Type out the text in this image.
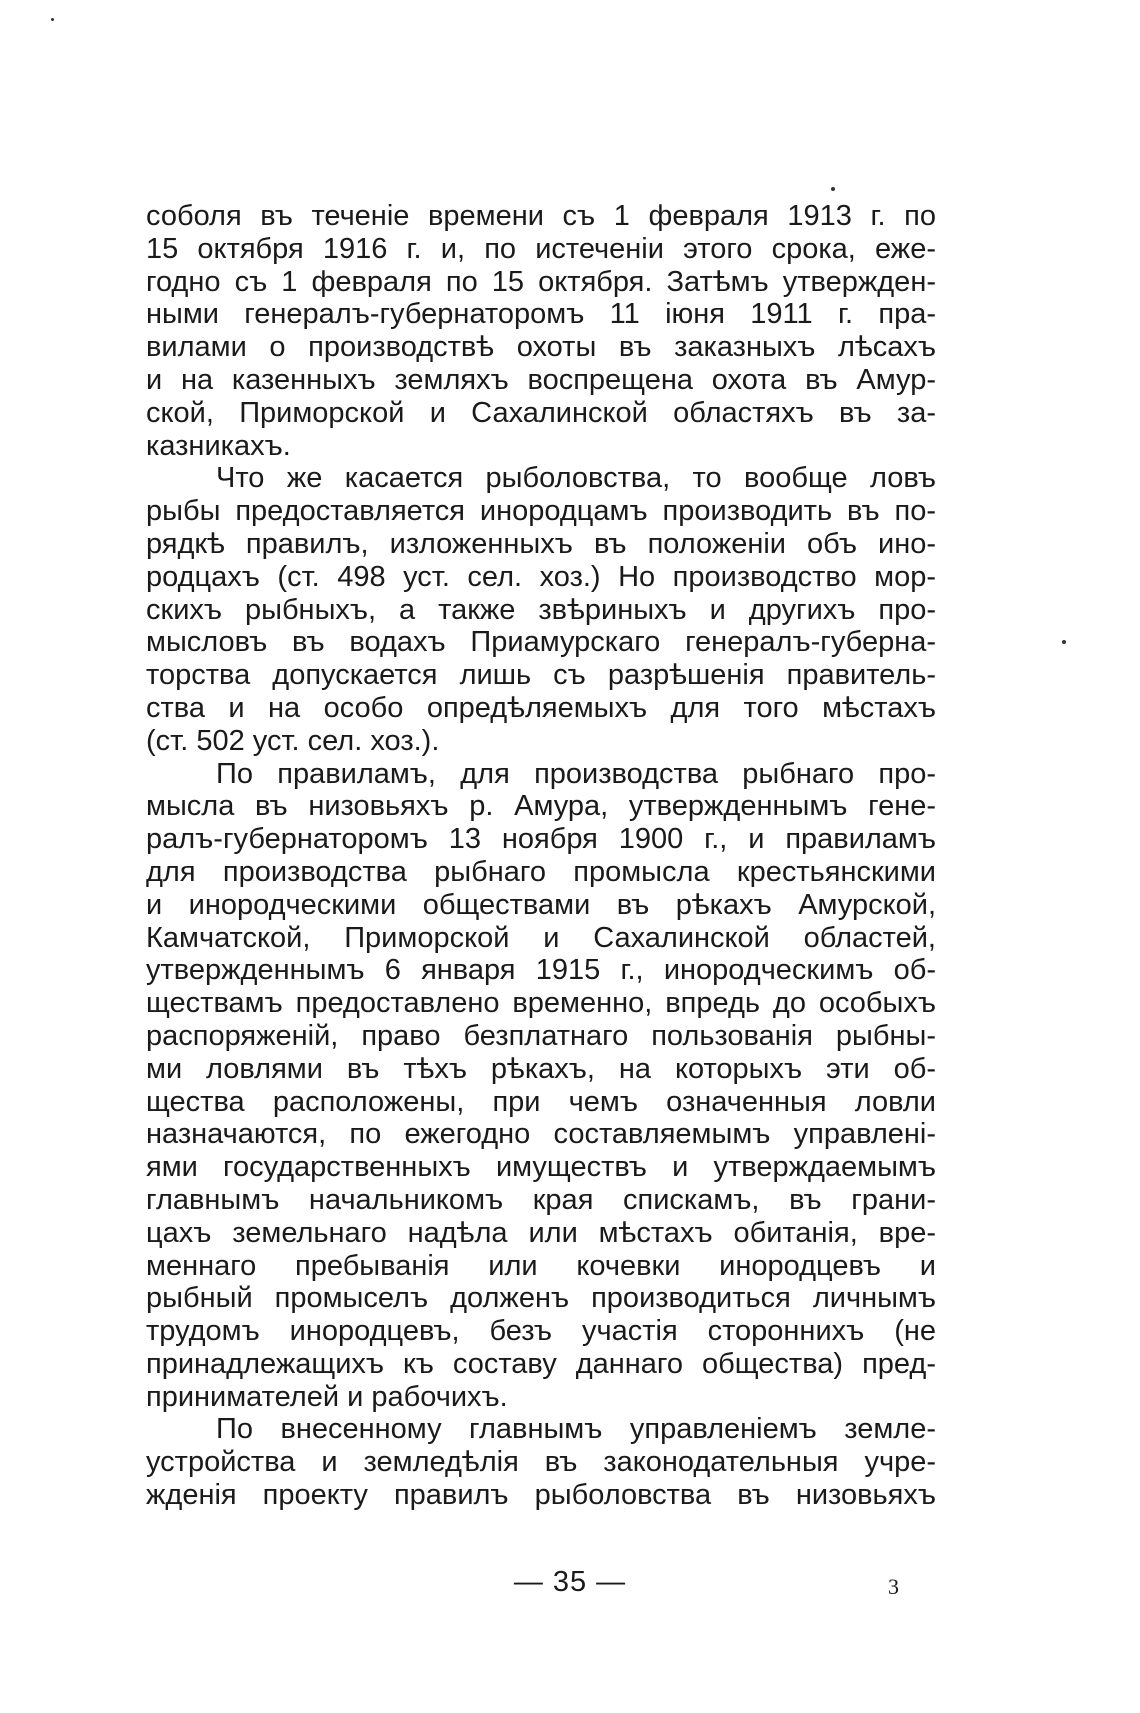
соболя въ теченiе времени съ 1 февраля 1913 г. по
15 октября 1916 г. и, по истеченiи этого срока, еже-
годно съ 1 февраля по 15 октября. Затѣмъ утвержден-
ными генералъ-губернаторомъ 11 iюня 1911 г. пра-
вилами о производствѣ охоты въ заказныхъ лѣсахъ
и на казенныхъ земляхъ воспрещена охота въ Амур-
ской, Приморской и Сахалинской областяхъ въ за-
казникахъ.
Что же касается рыболовства, то вообще ловъ
рыбы предоставляется инородцамъ производить въ по-
рядкѣ правилъ, изложенныхъ въ положенiи объ ино-
родцахъ (ст. 498 уст. сел. хоз.) Но производство мор-
скихъ рыбныхъ, а также звѣриныхъ и другихъ про-
мысловъ въ водахъ Приамурскаго генералъ-губерна-
торства допускается лишь съ разрѣшенiя правитель-
ства и на особо опредѣляемыхъ для того мѣстахъ
(ст. 502 уст. сел. хоз.).
По правиламъ, для производства рыбнаго про-
мысла въ низовьяхъ р. Амура, утвержденнымъ гене-
ралъ-губернаторомъ 13 ноября 1900 г., и правиламъ
для производства рыбнаго промысла крестьянскими
и инородческими обществами въ рѣкахъ Амурской,
Камчатской, Приморской и Сахалинской областей,
утвержденнымъ 6 января 1915 г., инородческимъ об-
ществамъ предоставлено временно, впредь до особыхъ
распоряженiй, право безплатнаго пользованiя рыбны-
ми ловлями въ тѣхъ рѣкахъ, на которыхъ эти об-
щества расположены, при чемъ означенныя ловли
назначаются, по ежегодно составляемымъ управленi-
ями государственныхъ имуществъ и утверждаемымъ
главнымъ начальникомъ края спискамъ, въ грани-
цахъ земельнаго надѣла или мѣстахъ обитанiя, вре-
меннаго пребыванiя или кочевки инородцевъ и
рыбный промыселъ долженъ производиться личнымъ
трудомъ инородцевъ, безъ участiя стороннихъ (не
принадлежащихъ къ составу даннаго общества) пред-
принимателей и рабочихъ.
По внесенному главнымъ управленiемъ земле-
устройства и земледѣлiя въ законодательныя учре-
жденiя проекту правилъ рыболовства въ низовьяхъ
— 35 —	3
